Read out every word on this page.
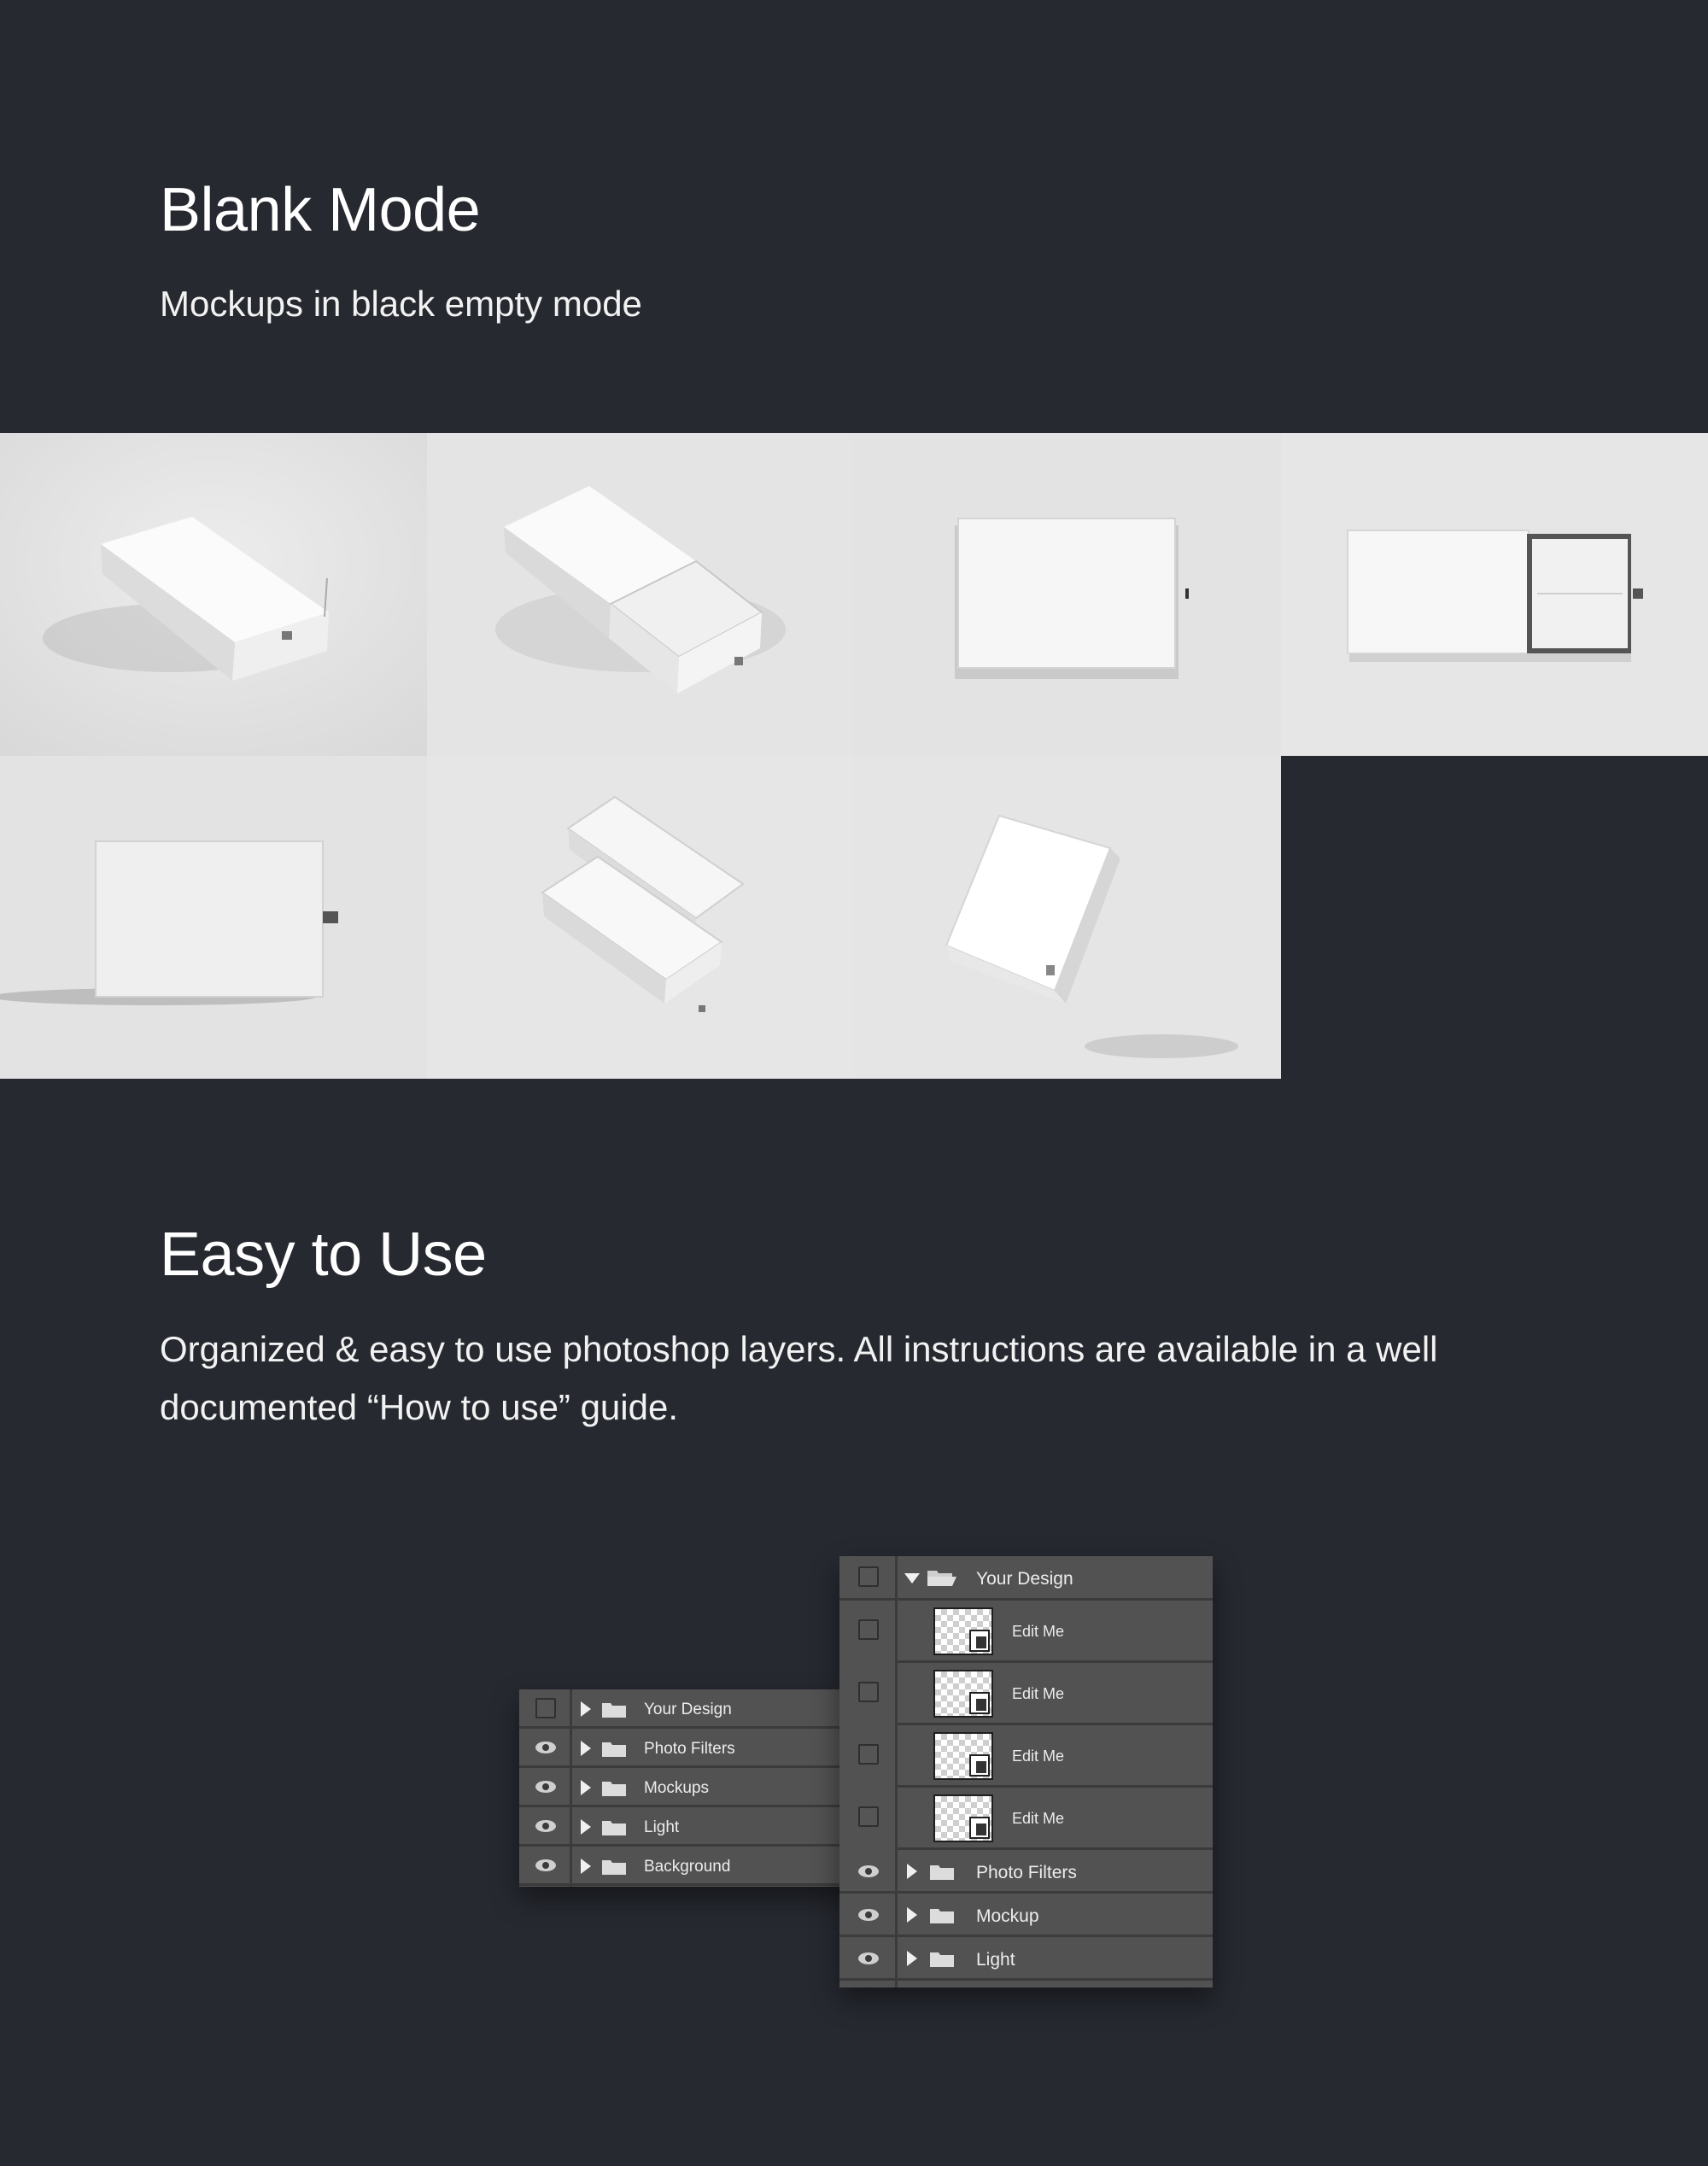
Blank Mode

Mockups in black empty mode

Easy to Use

Organized & easy to use photoshop layers. All instructions are available in a well documented “How to use” guide.

Your Design
Photo Filters
Mockups
Light
Background
Your Design
Edit Me
Edit Me
Edit Me
Edit Me
Photo Filters
Mockup
Light
